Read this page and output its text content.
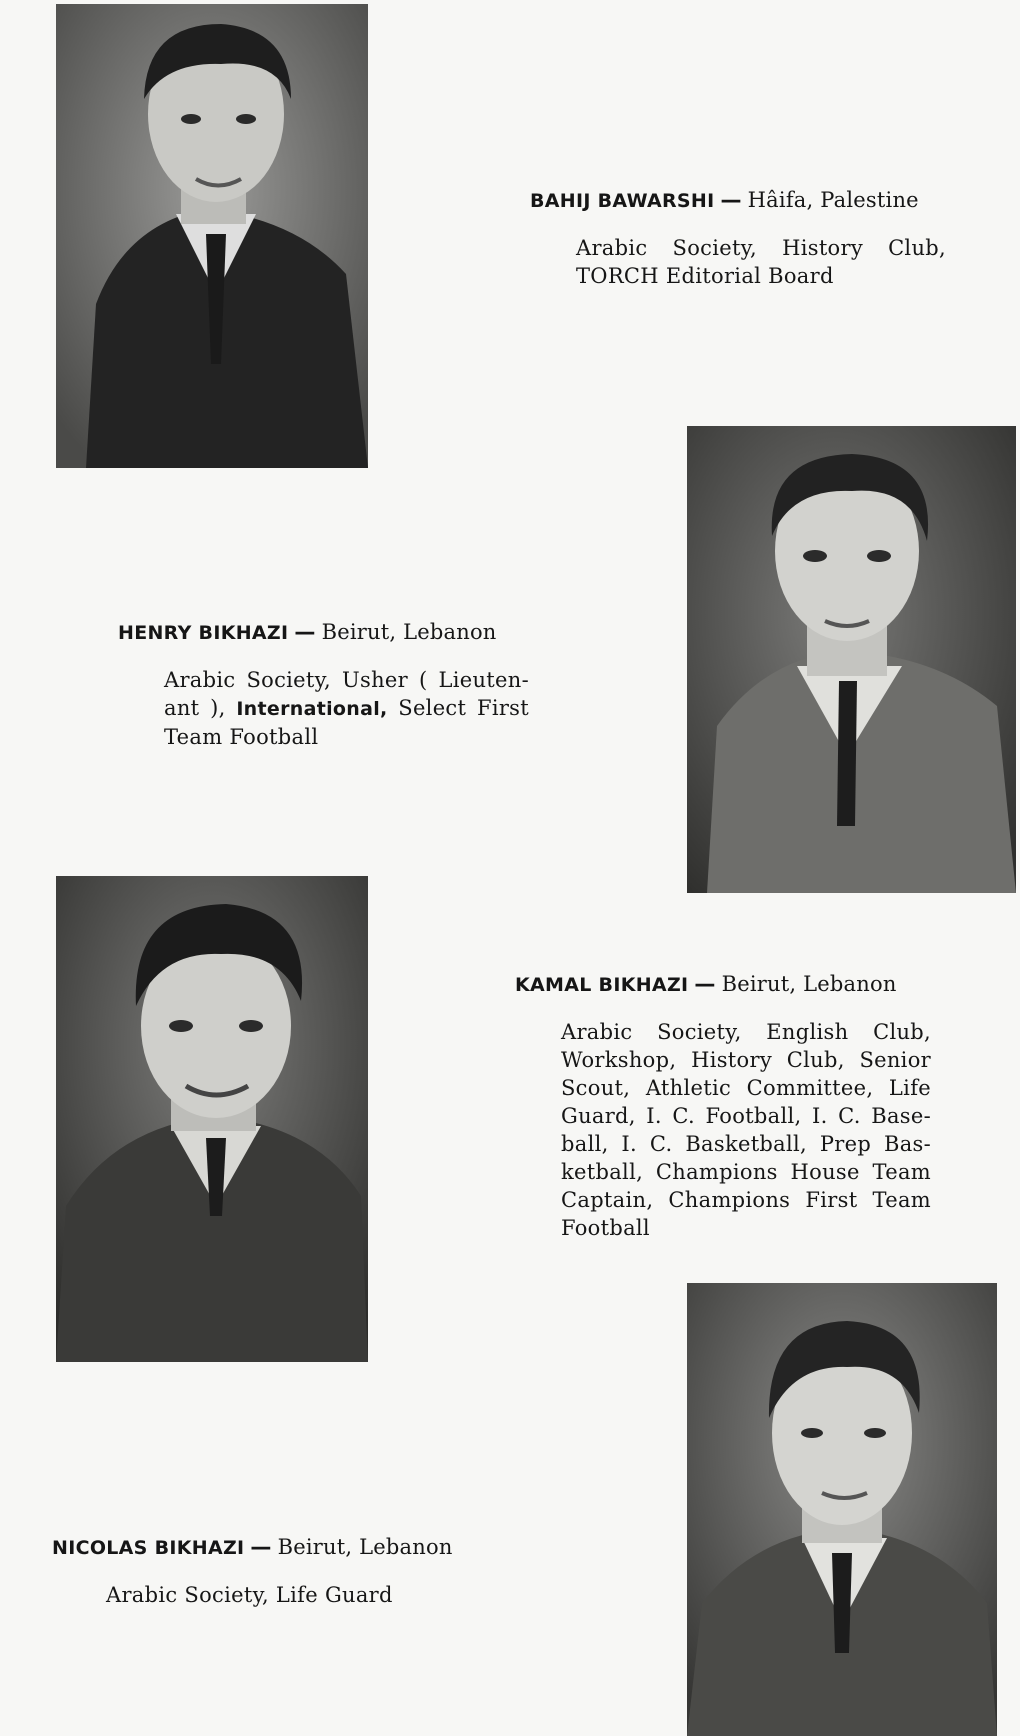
BAHIJ BAWARSHI — Hâifa, Palestine
Arabic Society, History Club,
TORCH Editorial Board
HENRY BIKHAZI — Beirut, Lebanon
Arabic Society, Usher ( Lieuten-
ant ), International, Select First
Team Football
KAMAL BIKHAZI — Beirut, Lebanon
Arabic Society, English Club,
Workshop, History Club, Senior
Scout, Athletic Committee, Life
Guard, I. C. Football, I. C. Base-
ball, I. C. Basketball, Prep Bas-
ketball, Champions House Team
Captain, Champions First Team
Football
NICOLAS BIKHAZI — Beirut, Lebanon
Arabic Society, Life Guard
